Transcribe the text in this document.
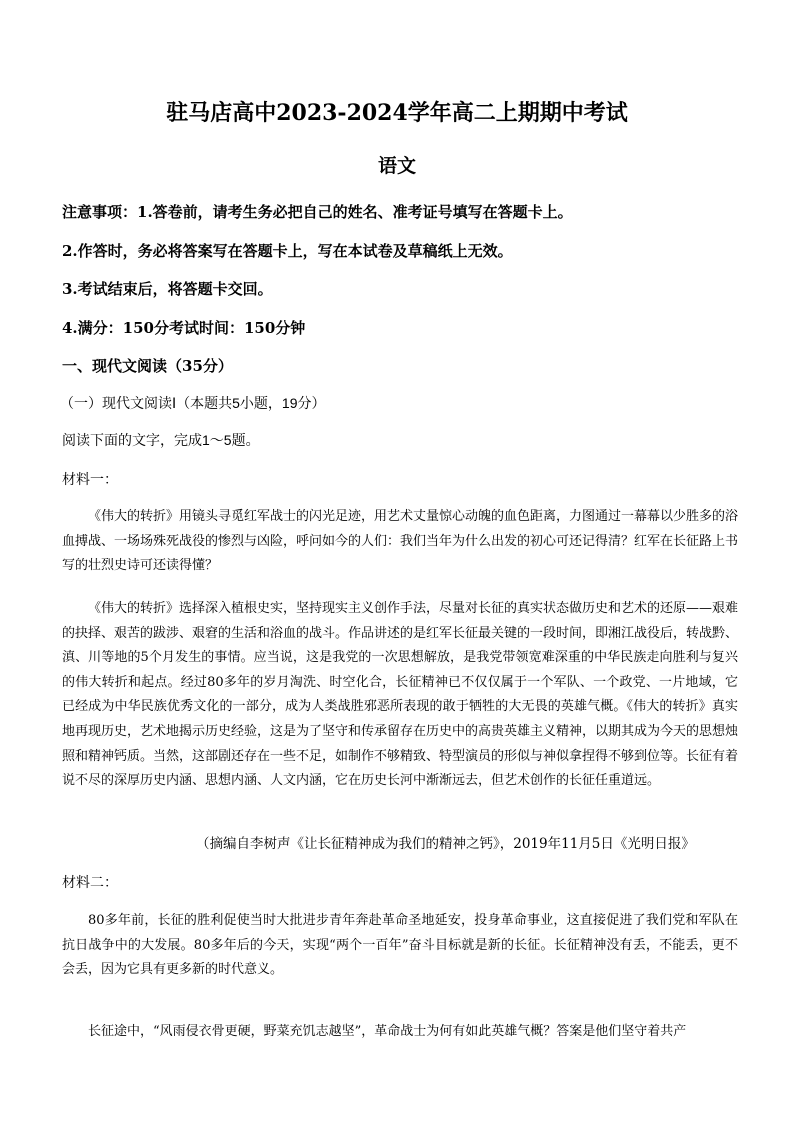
驻马店高中2023-2024学年高二上期期中考试
语文
注意事项：1.答卷前，请考生务必把自己的姓名、准考证号填写在答题卡上。
2.作答时，务必将答案写在答题卡上，写在本试卷及草稿纸上无效。
3.考试结束后，将答题卡交回。
4.满分：150分考试时间：150分钟
一、现代文阅读（35分）
（一）现代文阅读Ⅰ（本题共5小题，19分）
阅读下面的文字，完成1～5题。
材料一：
《伟大的转折》用镜头寻觅红军战士的闪光足迹，用艺术丈量惊心动魄的血色距离，力图通过一幕幕以少胜多的浴血搏战、一场场殊死战役的惨烈与凶险，呼问如今的人们：我们当年为什么出发的初心可还记得清？红军在长征路上书写的壮烈史诗可还读得懂？
《伟大的转折》选择深入植根史实，坚持现实主义创作手法，尽量对长征的真实状态做历史和艺术的还原——艰难的抉择、艰苦的跋涉、艰窘的生活和浴血的战斗。作品讲述的是红军长征最关键的一段时间，即湘江战役后，转战黔、滇、川等地的5个月发生的事情。应当说，这是我党的一次思想解放，是我党带领宽难深重的中华民族走向胜利与复兴的伟大转折和起点。经过80多年的岁月淘洗、时空化合，长征精神已不仅仅属于一个军队、一个政党、一片地域，它已经成为中华民族优秀文化的一部分，成为人类战胜邪恶所表现的敢于牺牲的大无畏的英雄气概。《伟大的转折》真实地再现历史，艺术地揭示历史经验，这是为了坚守和传承留存在历史中的高贵英雄主义精神，以期其成为今天的思想烛照和精神钙质。当然，这部剧还存在一些不足，如制作不够精致、特型演员的形似与神似拿捏得不够到位等。长征有着说不尽的深厚历史内涵、思想内涵、人文内涵，它在历史长河中渐渐远去，但艺术创作的长征任重道远。
（摘编自李树声《让长征精神成为我们的精神之钙》，2019年11月5日《光明日报》
材料二：
80多年前，长征的胜利促使当时大批进步青年奔赴革命圣地延安，投身革命事业，这直接促进了我们党和军队在抗日战争中的大发展。80多年后的今天，实现“两个一百年”奋斗目标就是新的长征。长征精神没有丢，不能丢，更不会丢，因为它具有更多新的时代意义。
长征途中，“风雨侵衣骨更硬，野菜充饥志越坚”，革命战士为何有如此英雄气概？答案是他们坚守着共产
